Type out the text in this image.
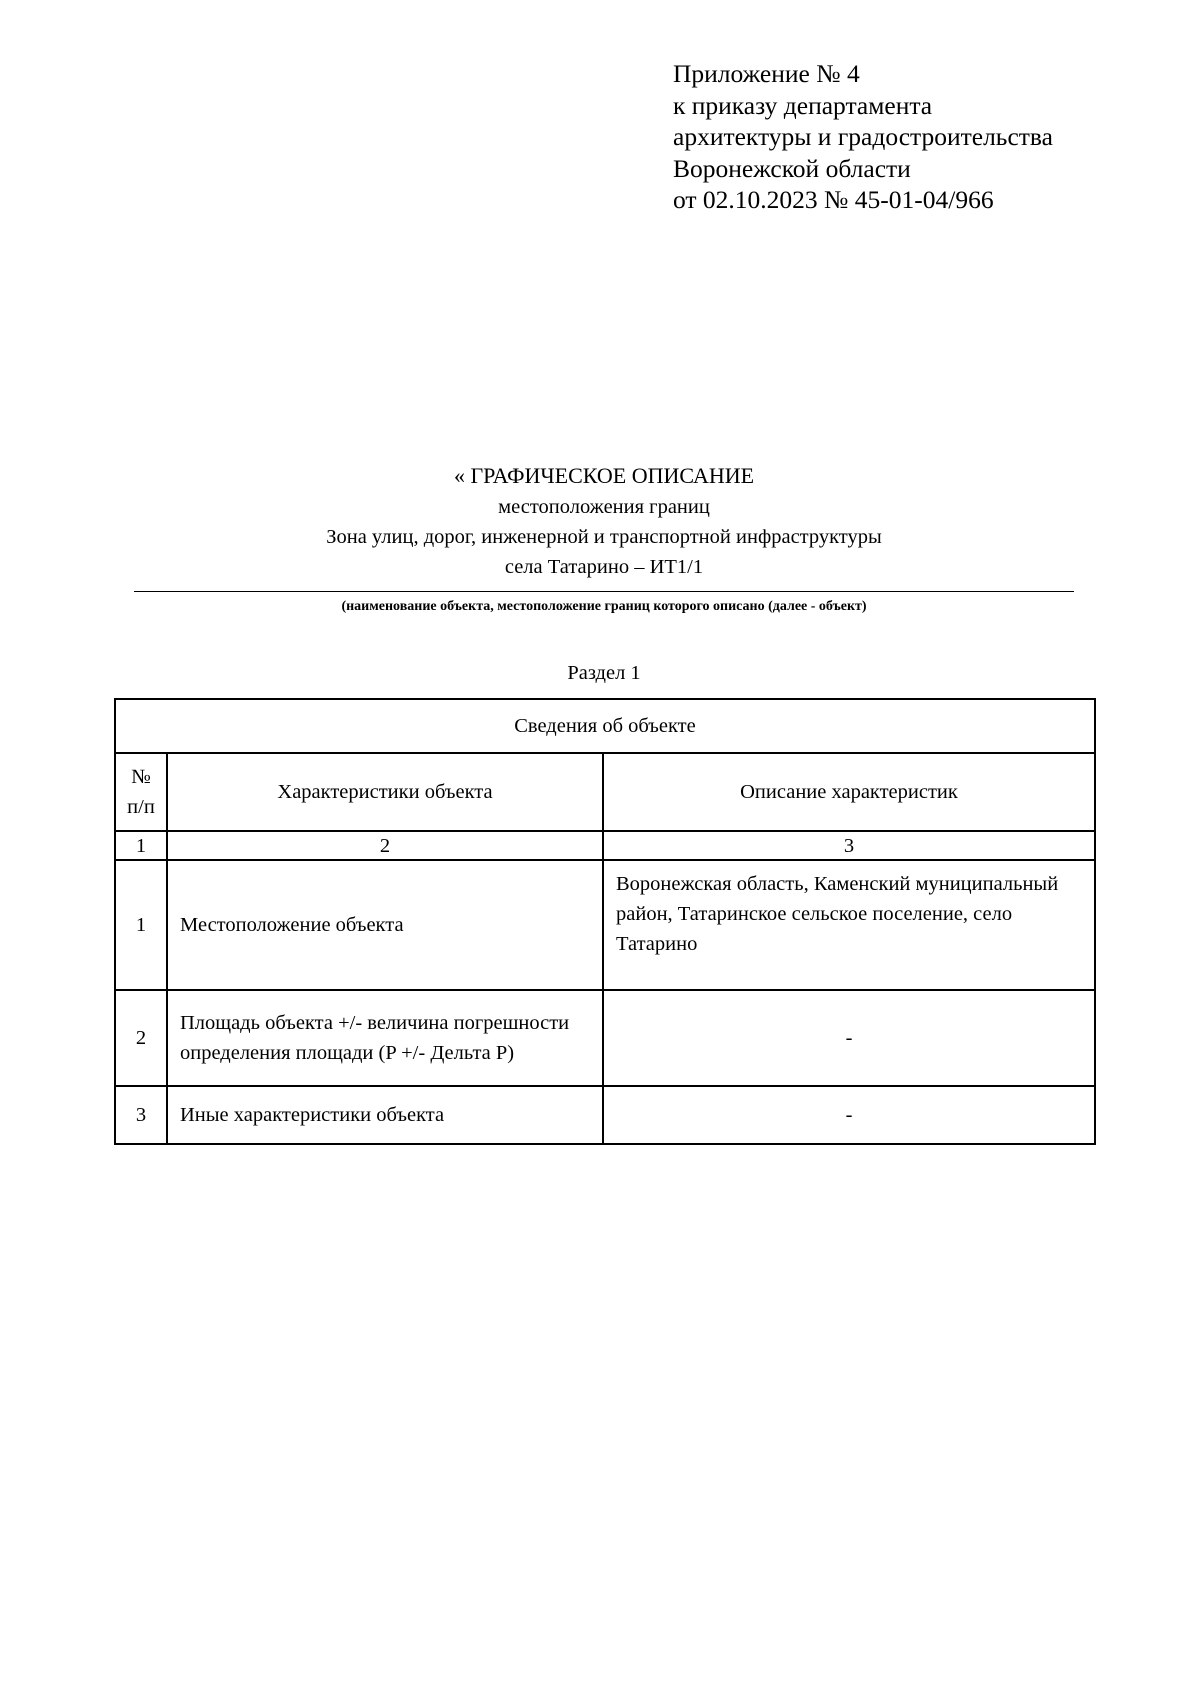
Приложение № 4
к приказу департамента
архитектуры и градостроительства
Воронежской области
от 02.10.2023 № 45-01-04/966
« ГРАФИЧЕСКОЕ ОПИСАНИЕ
местоположения границ
Зона улиц, дорог, инженерной и транспортной инфраструктуры
села Татарино – ИТ1/1
(наименование объекта, местоположение границ которого описано (далее - объект)
Раздел 1
Сведения об объекте		

№ п/п	Характеристики объекта	Описание характеристик
1	2	3
1	Местоположение объекта	Воронежская область, Каменский муниципальный район, Татаринское сельское поселение, село Татарино
2	Площадь объекта +/- величина погрешности определения площади (P +/- Дельта P)	-
3	Иные характеристики объекта	-
